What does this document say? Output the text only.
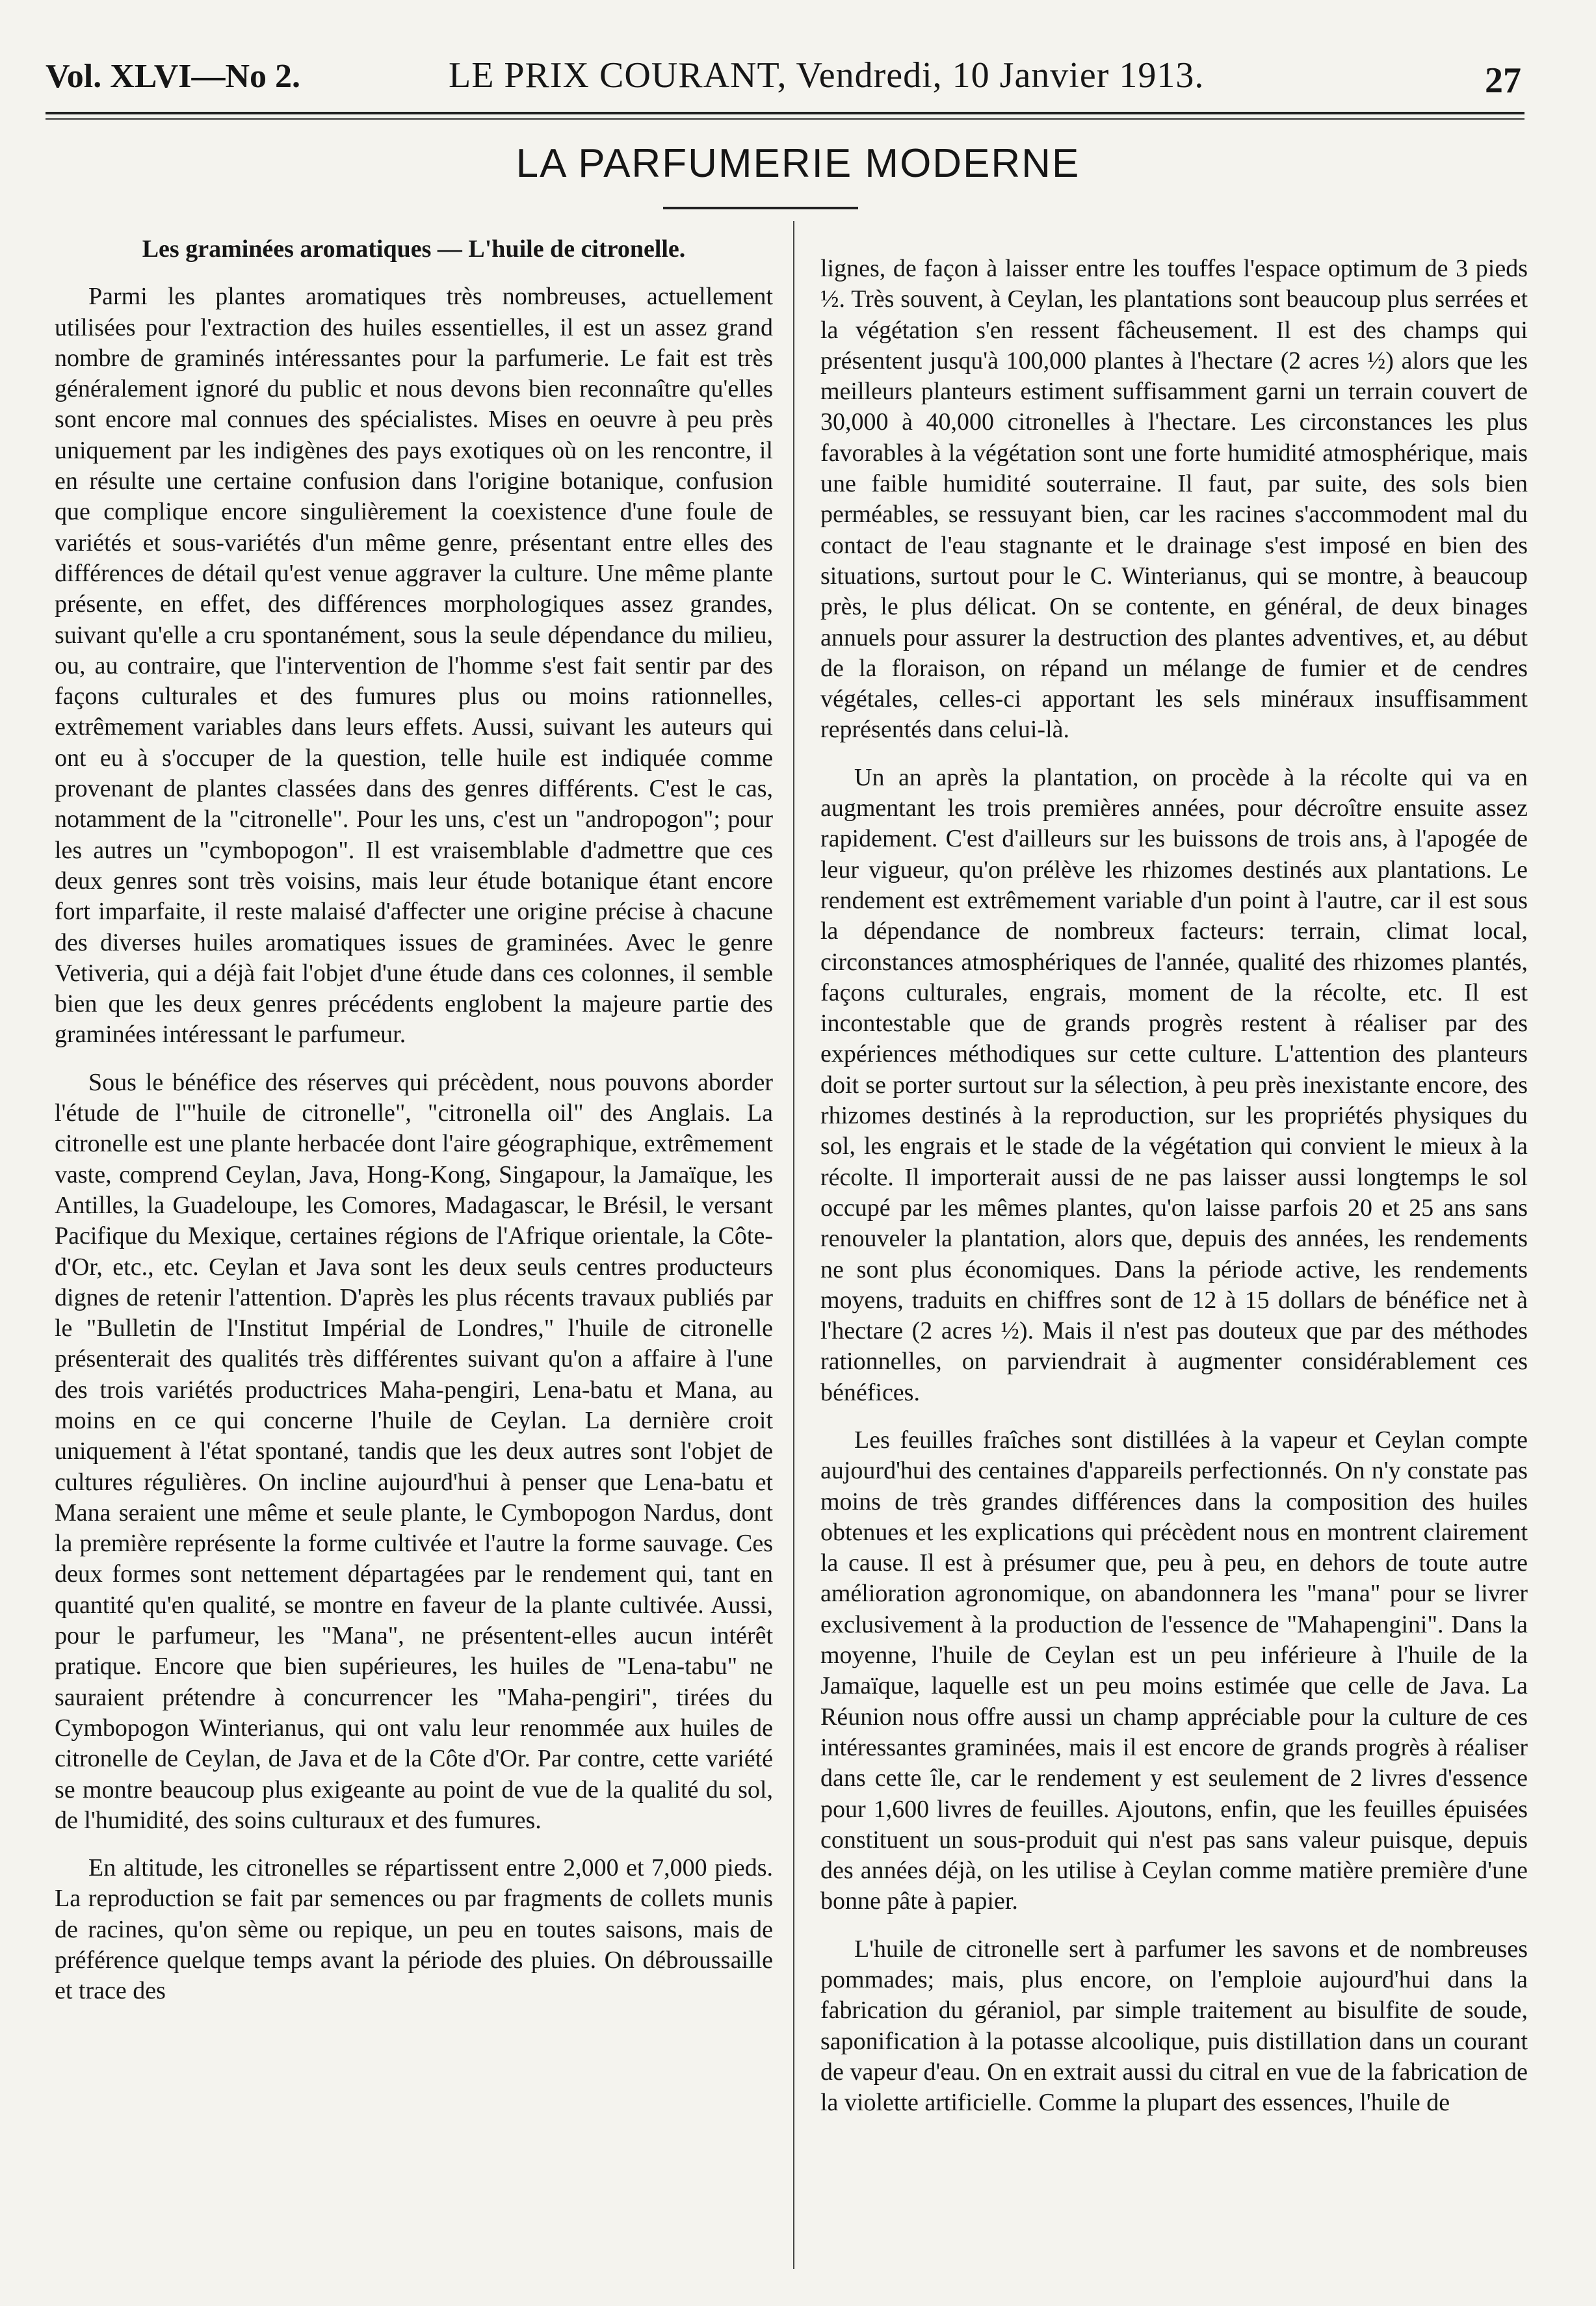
Vol. XLVI—No 2.	LE PRIX COURANT, Vendredi, 10 Janvier 1913.	27
LA PARFUMERIE MODERNE

Les graminées aromatiques — L'huile de citronelle.

Parmi les plantes aromatiques très nombreuses, actuellement utilisées pour l'extraction des huiles essentielles, il est un assez grand nombre de graminés intéressantes pour la parfumerie. Le fait est très généralement ignoré du public et nous devons bien reconnaître qu'elles sont encore mal connues des spécialistes. Mises en oeuvre à peu près uniquement par les indigènes des pays exotiques où on les rencontre, il en résulte une certaine confusion dans l'origine botanique, confusion que complique encore singulièrement la coexistence d'une foule de variétés et sous-variétés d'un même genre, présentant entre elles des différences de détail qu'est venue aggraver la culture. Une même plante présente, en effet, des différences morphologiques assez grandes, suivant qu'elle a cru spontanément, sous la seule dépendance du milieu, ou, au contraire, que l'intervention de l'homme s'est fait sentir par des façons culturales et des fumures plus ou moins rationnelles, extrêmement variables dans leurs effets. Aussi, suivant les auteurs qui ont eu à s'occuper de la question, telle huile est indiquée comme provenant de plantes classées dans des genres différents. C'est le cas, notamment de la "citronelle". Pour les uns, c'est un "andropogon"; pour les autres un "cymbopogon". Il est vraisemblable d'admettre que ces deux genres sont très voisins, mais leur étude botanique étant encore fort imparfaite, il reste malaisé d'affecter une origine précise à chacune des diverses huiles aromatiques issues de graminées. Avec le genre Vetiveria, qui a déjà fait l'objet d'une étude dans ces colonnes, il semble bien que les deux genres précédents englobent la majeure partie des graminées intéressant le parfumeur.

Sous le bénéfice des réserves qui précèdent, nous pouvons aborder l'étude de l'"huile de citronelle", "citronella oil" des Anglais. La citronelle est une plante herbacée dont l'aire géographique, extrêmement vaste, comprend Ceylan, Java, Hong-Kong, Singapour, la Jamaïque, les Antilles, la Guadeloupe, les Comores, Madagascar, le Brésil, le versant Pacifique du Mexique, certaines régions de l'Afrique orientale, la Côte-d'Or, etc., etc. Ceylan et Java sont les deux seuls centres producteurs dignes de retenir l'attention. D'après les plus récents travaux publiés par le "Bulletin de l'Institut Impérial de Londres," l'huile de citronelle présenterait des qualités très différentes suivant qu'on a affaire à l'une des trois variétés productrices Maha-pengiri, Lena-batu et Mana, au moins en ce qui concerne l'huile de Ceylan. La dernière croit uniquement à l'état spontané, tandis que les deux autres sont l'objet de cultures régulières. On incline aujourd'hui à penser que Lena-batu et Mana seraient une même et seule plante, le Cymbopogon Nardus, dont la première représente la forme cultivée et l'autre la forme sauvage. Ces deux formes sont nettement départagées par le rendement qui, tant en quantité qu'en qualité, se montre en faveur de la plante cultivée. Aussi, pour le parfumeur, les "Mana", ne présentent-elles aucun intérêt pratique. Encore que bien supérieures, les huiles de "Lena-tabu" ne sauraient prétendre à concurrencer les "Maha-pengiri", tirées du Cymbopogon Winterianus, qui ont valu leur renommée aux huiles de citronelle de Ceylan, de Java et de la Côte d'Or. Par contre, cette variété se montre beaucoup plus exigeante au point de vue de la qualité du sol, de l'humidité, des soins culturaux et des fumures.

En altitude, les citronelles se répartissent entre 2,000 et 7,000 pieds. La reproduction se fait par semences ou par fragments de collets munis de racines, qu'on sème ou repique, un peu en toutes saisons, mais de préférence quelque temps avant la période des pluies. On débroussaille et trace des

lignes, de façon à laisser entre les touffes l'espace optimum de 3 pieds ½. Très souvent, à Ceylan, les plantations sont beaucoup plus serrées et la végétation s'en ressent fâcheusement. Il est des champs qui présentent jusqu'à 100,000 plantes à l'hectare (2 acres ½) alors que les meilleurs planteurs estiment suffisamment garni un terrain couvert de 30,000 à 40,000 citronelles à l'hectare. Les circonstances les plus favorables à la végétation sont une forte humidité atmosphérique, mais une faible humidité souterraine. Il faut, par suite, des sols bien perméables, se ressuyant bien, car les racines s'accommodent mal du contact de l'eau stagnante et le drainage s'est imposé en bien des situations, surtout pour le C. Winterianus, qui se montre, à beaucoup près, le plus délicat. On se contente, en général, de deux binages annuels pour assurer la destruction des plantes adventives, et, au début de la floraison, on répand un mélange de fumier et de cendres végétales, celles-ci apportant les sels minéraux insuffisamment représentés dans celui-là.

Un an après la plantation, on procède à la récolte qui va en augmentant les trois premières années, pour décroître ensuite assez rapidement. C'est d'ailleurs sur les buissons de trois ans, à l'apogée de leur vigueur, qu'on prélève les rhizomes destinés aux plantations. Le rendement est extrêmement variable d'un point à l'autre, car il est sous la dépendance de nombreux facteurs: terrain, climat local, circonstances atmosphériques de l'année, qualité des rhizomes plantés, façons culturales, engrais, moment de la récolte, etc. Il est incontestable que de grands progrès restent à réaliser par des expériences méthodiques sur cette culture. L'attention des planteurs doit se porter surtout sur la sélection, à peu près inexistante encore, des rhizomes destinés à la reproduction, sur les propriétés physiques du sol, les engrais et le stade de la végétation qui convient le mieux à la récolte. Il importerait aussi de ne pas laisser aussi longtemps le sol occupé par les mêmes plantes, qu'on laisse parfois 20 et 25 ans sans renouveler la plantation, alors que, depuis des années, les rendements ne sont plus économiques. Dans la période active, les rendements moyens, traduits en chiffres sont de 12 à 15 dollars de bénéfice net à l'hectare (2 acres ½). Mais il n'est pas douteux que par des méthodes rationnelles, on parviendrait à augmenter considérablement ces bénéfices.

Les feuilles fraîches sont distillées à la vapeur et Ceylan compte aujourd'hui des centaines d'appareils perfectionnés. On n'y constate pas moins de très grandes différences dans la composition des huiles obtenues et les explications qui précèdent nous en montrent clairement la cause. Il est à présumer que, peu à peu, en dehors de toute autre amélioration agronomique, on abandonnera les "mana" pour se livrer exclusivement à la production de l'essence de "Mahapengini". Dans la moyenne, l'huile de Ceylan est un peu inférieure à l'huile de la Jamaïque, laquelle est un peu moins estimée que celle de Java. La Réunion nous offre aussi un champ appréciable pour la culture de ces intéressantes graminées, mais il est encore de grands progrès à réaliser dans cette île, car le rendement y est seulement de 2 livres d'essence pour 1,600 livres de feuilles. Ajoutons, enfin, que les feuilles épuisées constituent un sous-produit qui n'est pas sans valeur puisque, depuis des années déjà, on les utilise à Ceylan comme matière première d'une bonne pâte à papier.

L'huile de citronelle sert à parfumer les savons et de nombreuses pommades; mais, plus encore, on l'emploie aujourd'hui dans la fabrication du géraniol, par simple traitement au bisulfite de soude, saponification à la potasse alcoolique, puis distillation dans un courant de vapeur d'eau. On en extrait aussi du citral en vue de la fabrication de la violette artificielle. Comme la plupart des essences, l'huile de
